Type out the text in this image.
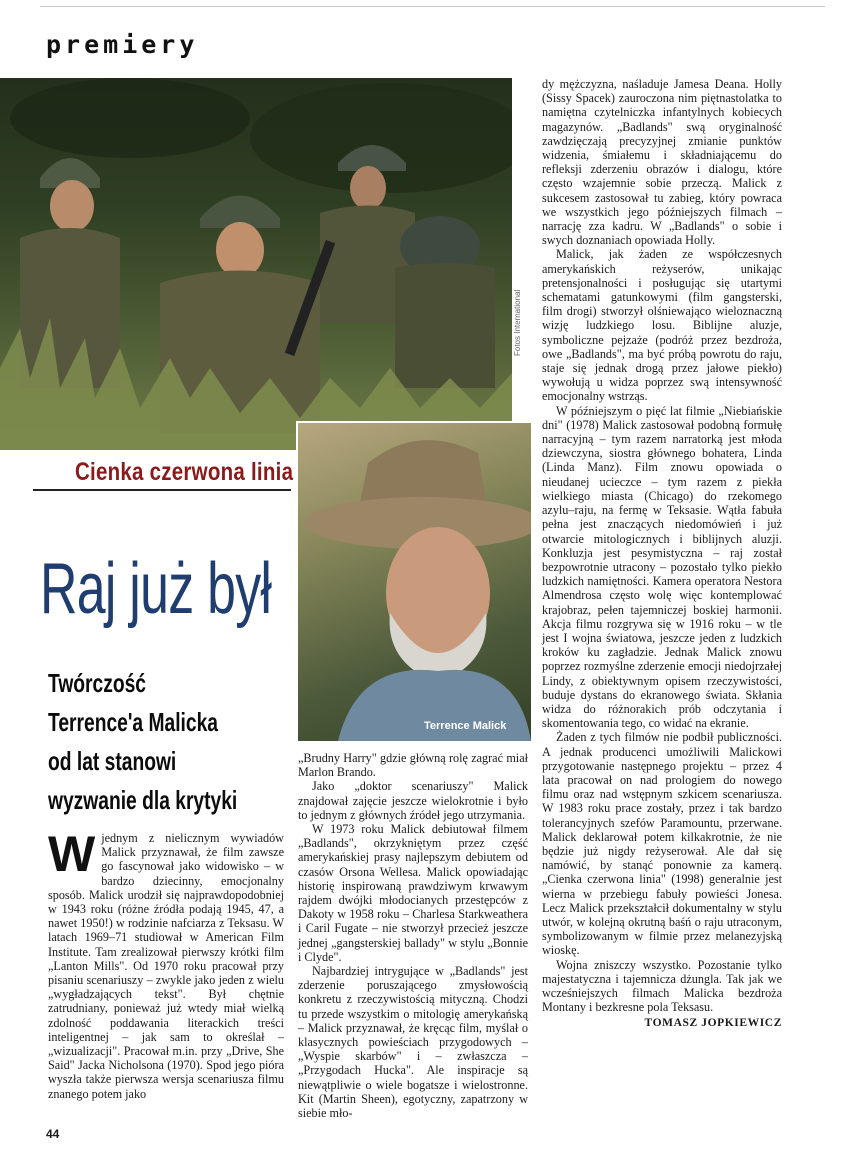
premiery
Fotos International
Terrence Malick
Cienka czerwona linia
Raj już był
Twórczość
Terrence'a Malicka
od lat stanowi
wyzwanie dla krytyki

Wjednym z nielicznym wywiadów Malick przyznawał, że film zawsze go fascynował jako widowisko – w bardzo dziecinny, emocjonalny sposób. Malick urodził się najprawdopodobniej w 1943 roku (różne źródła podają 1945, 47, a nawet 1950!) w rodzinie nafciarza z Teksasu. W latach 1969–71 studiował w American Film Institute. Tam zrealizował pierwszy krótki film „Lanton Mills". Od 1970 roku pracował przy pisaniu scenariuszy – zwykle jako jeden z wielu „wygładzających tekst". Był chętnie zatrudniany, ponieważ już wtedy miał wielką zdolność poddawania literackich treści inteligentnej – jak sam to określał – „wizualizacji". Pracował m.in. przy „Drive, She Said" Jacka Nicholsona (1970). Spod jego pióra wyszła także pierwsza wersja scenariusza filmu znanego potem jako

„Brudny Harry" gdzie główną rolę zagrać miał Marlon Brando.

Jako „doktor scenariuszy" Malick znajdował zajęcie jeszcze wielokrotnie i było to jednym z głównych źródeł jego utrzymania.

W 1973 roku Malick debiutował filmem „Badlands", okrzykniętym przez część amerykańskiej prasy najlepszym debiutem od czasów Orsona Wellesa. Malick opowiadając historię inspirowaną prawdziwym krwawym rajdem dwójki młodocianych przestępców z Dakoty w 1958 roku – Charlesa Starkweathera i Caril Fugate – nie stworzył przecież jeszcze jednej „gangsterskiej ballady" w stylu „Bonnie i Clyde".

Najbardziej intrygujące w „Badlands" jest zderzenie poruszającego zmysłowością konkretu z rzeczywistością mityczną. Chodzi tu przede wszystkim o mitologię amerykańską – Malick przyznawał, że kręcąc film, myślał o klasycznych powieściach przygodowych – „Wyspie skarbów" i – zwłaszcza – „Przygodach Hucka". Ale inspiracje są niewątpliwie o wiele bogatsze i wielostronne. Kit (Martin Sheen), egotyczny, zapatrzony w siebie mło-

dy mężczyzna, naśladuje Jamesa Deana. Holly (Sissy Spacek) zauroczona nim piętnastolatka to namiętna czytelniczka infantylnych kobiecych magazynów. „Badlands" swą oryginalność zawdzięczają precyzyjnej zmianie punktów widzenia, śmiałemu i składniającemu do refleksji zderzeniu obrazów i dialogu, które często wzajemnie sobie przeczą. Malick z sukcesem zastosował tu zabieg, który powraca we wszystkich jego późniejszych filmach – narrację zza kadru. W „Badlands" o sobie i swych doznaniach opowiada Holly.

Malick, jak żaden ze współczesnych amerykańskich reżyserów, unikając pretensjonalności i posługując się utartymi schematami gatunkowymi (film gangsterski, film drogi) stworzył olśniewająco wieloznaczną wizję ludzkiego losu. Biblijne aluzje, symboliczne pejzaże (podróż przez bezdroża, owe „Badlands", ma być próbą powrotu do raju, staje się jednak drogą przez jałowe piekło) wywołują u widza poprzez swą intensywność emocjonalny wstrząs.

W późniejszym o pięć lat filmie „Niebiańskie dni" (1978) Malick zastosował podobną formułę narracyjną – tym razem narratorką jest młoda dziewczyna, siostra głównego bohatera, Linda (Linda Manz). Film znowu opowiada o nieudanej ucieczce – tym razem z piekła wielkiego miasta (Chicago) do rzekomego azylu–raju, na fermę w Teksasie. Wątła fabuła pełna jest znaczących niedomówień i już otwarcie mitologicznych i biblijnych aluzji. Konkluzja jest pesymistyczna – raj został bezpowrotnie utracony – pozostało tylko piekło ludzkich namiętności. Kamera operatora Nestora Almendrosa często wolę więc kontemplować krajobraz, pełen tajemniczej boskiej harmonii. Akcja filmu rozgrywa się w 1916 roku – w tle jest I wojna światowa, jeszcze jeden z ludzkich kroków ku zagładzie. Jednak Malick znowu poprzez rozmyślne zderzenie emocji niedojrzałej Lindy, z obiektywnym opisem rzeczywistości, buduje dystans do ekranowego świata. Skłania widza do różnorakich prób odczytania i skomentowania tego, co widać na ekranie.

Żaden z tych filmów nie podbił publiczności. A jednak producenci umożliwili Malickowi przygotowanie następnego projektu – przez 4 lata pracował on nad prologiem do nowego filmu oraz nad wstępnym szkicem scenariusza. W 1983 roku prace zostały, przez i tak bardzo tolerancyjnych szefów Paramountu, przerwane. Malick deklarował potem kilkakrotnie, że nie będzie już nigdy reżyserował. Ale dał się namówić, by stanąć ponownie za kamerą. „Cienka czerwona linia" (1998) generalnie jest wierna w przebiegu fabuły powieści Jonesa. Lecz Malick przekształcił dokumentalny w stylu utwór, w kolejną okrutną baśń o raju utraconym, symbolizowanym w filmie przez melanezyjską wioskę.

Wojna zniszczy wszystko. Pozostanie tylko majestatyczna i tajemnicza dżungla. Tak jak we wcześniejszych filmach Malicka bezdroża Montany i bezkresne pola Teksasu.

TOMASZ JOPKIEWICZ
44
